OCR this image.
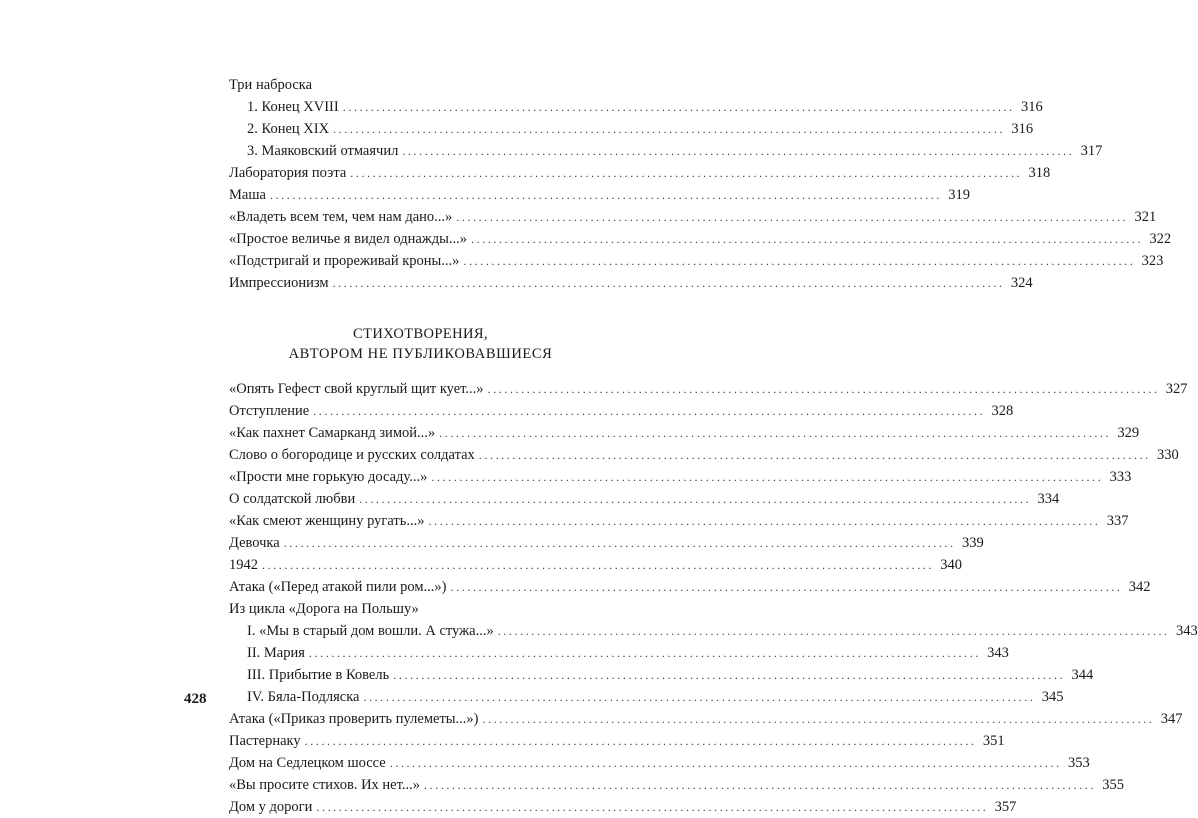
Три наброска
1. Конец XVIII ........................................................................................................................ 316
2. Конец XIX ........................................................................................................................ 316
3. Маяковский отмаячил ........................................................................................................................ 317
Лаборатория поэта ........................................................................................................................ 318
Маша ........................................................................................................................ 319
«Владеть всем тем, чем нам дано...» ........................................................................................................................ 321
«Простое величье я видел однажды...» ........................................................................................................................ 322
«Подстригай и прореживай кроны...» ........................................................................................................................ 323
Импрессионизм ........................................................................................................................ 324
СТИХОТВОРЕНИЯ,
АВТОРОМ НЕ ПУБЛИКОВАВШИЕСЯ
«Опять Гефест свой круглый щит кует...» ........................................................................................................................ 327
Отступление ........................................................................................................................ 328
«Как пахнет Самарканд зимой...» ........................................................................................................................ 329
Слово о богородице и русских солдатах ........................................................................................................................ 330
«Прости мне горькую досаду...» ........................................................................................................................ 333
О солдатской любви ........................................................................................................................ 334
«Как смеют женщину ругать...» ........................................................................................................................ 337
Девочка ........................................................................................................................ 339
1942 ........................................................................................................................ 340
Атака («Перед атакой пили ром...») ........................................................................................................................ 342
Из цикла «Дорога на Польшу»
I. «Мы в старый дом вошли. А стужа...» ........................................................................................................................ 343
II. Мария ........................................................................................................................ 343
III. Прибытие в Ковель ........................................................................................................................ 344
IV. Бяла-Подляска ........................................................................................................................ 345
Атака («Приказ проверить пулеметы...») ........................................................................................................................ 347
Пастернаку ........................................................................................................................ 351
Дом на Седлецком шоссе ........................................................................................................................ 353
«Вы просите стихов. Их нет...» ........................................................................................................................ 355
Дом у дороги ........................................................................................................................ 357
428
